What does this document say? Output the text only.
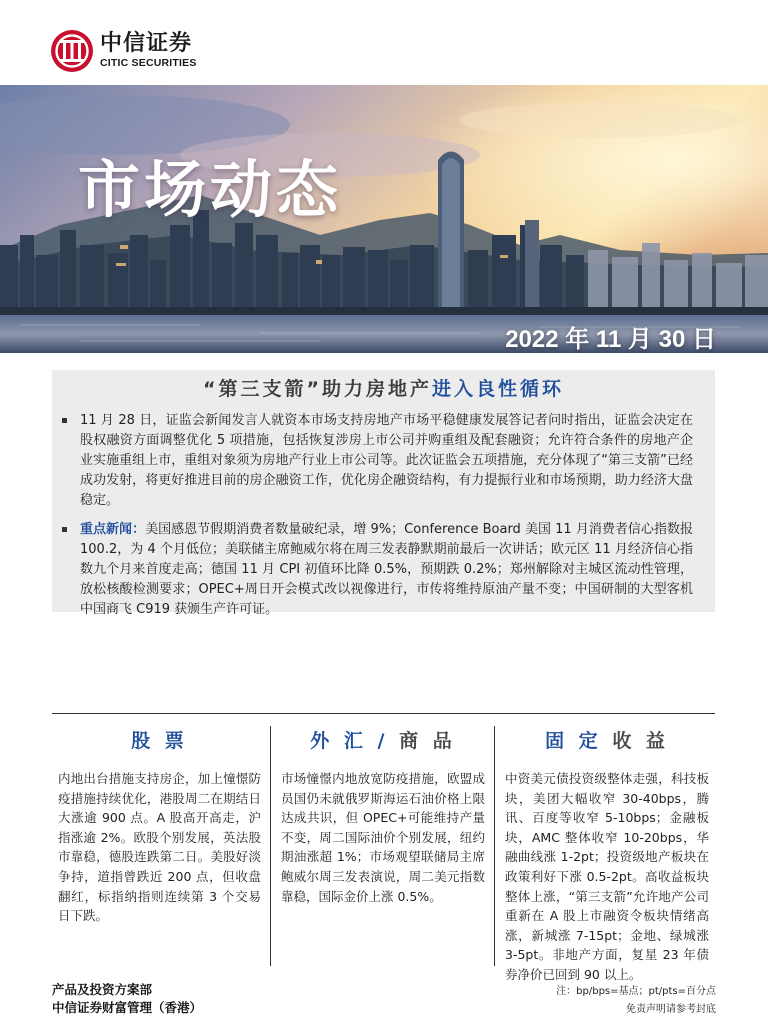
中信证券
CITIC SECURITIES
市场动态
2022 年 11 月 30 日
“第三支箭”助力房地产进入良性循环
11 月 28 日，证监会新闻发言人就资本市场支持房地产市场平稳健康发展答记者问时指出，证监会决定在股权融资方面调整优化 5 项措施，包括恢复涉房上市公司并购重组及配套融资；允许符合条件的房地产企业实施重组上市，重组对象须为房地产行业上市公司等。此次证监会五项措施，充分体现了“第三支箭”已经成功发射，将更好推进目前的房企融资工作，优化房企融资结构，有力提振行业和市场预期，助力经济大盘稳定。
重点新闻：美国感恩节假期消费者数量破纪录，增 9%；Conference Board 美国 11 月消费者信心指数报 100.2，为 4 个月低位；美联储主席鲍威尔将在周三发表静默期前最后一次讲话；欧元区 11 月经济信心指数九个月来首度走高；德国 11 月 CPI 初值环比降 0.5%，预期跌 0.2%；郑州解除对主城区流动性管理，放松核酸检测要求；OPEC+周日开会模式改以视像进行，市传将维持原油产量不变；中国研制的大型客机中国商飞 C919 获颁生产许可证。
股 票
内地出台措施支持房企，加上憧憬防疫措施持续优化，港股周二在期结日大涨逾 900 点。A 股高开高走，沪指涨逾 2%。欧股个别发展，英法股市靠稳，德股连跌第二日。美股好淡争持，道指曾跌近 200 点，但收盘翻红，标指纳指则连续第 3 个交易日下跌。
外 汇 / 商 品
市场憧憬内地放宽防疫措施，欧盟成员国仍未就俄罗斯海运石油价格上限达成共识，但 OPEC+可能维持产量不变，周二国际油价个别发展，纽约期油涨超 1%；市场观望联储局主席鲍威尔周三发表演说，周二美元指数靠稳，国际金价上涨 0.5%。
固 定 收 益
中资美元债投资级整体走强，科技板块，美团大幅收窄 30-40bps，腾讯、百度等收窄 5-10bps；金融板块，AMC 整体收窄 10-20bps，华融曲线涨 1-2pt；投资级地产板块在政策利好下涨 0.5-2pt。高收益板块整体上涨，“第三支箭”允许地产公司重新在 A 股上市融资令板块情绪高涨，新城涨 7-15pt；金地、绿城涨 3-5pt。非地产方面，复星 23 年债券净价已回到 90 以上。
产品及投资方案部
中信证券财富管理（香港）
注：bp/bps=基点；pt/pts=百分点
免责声明请参考封底
